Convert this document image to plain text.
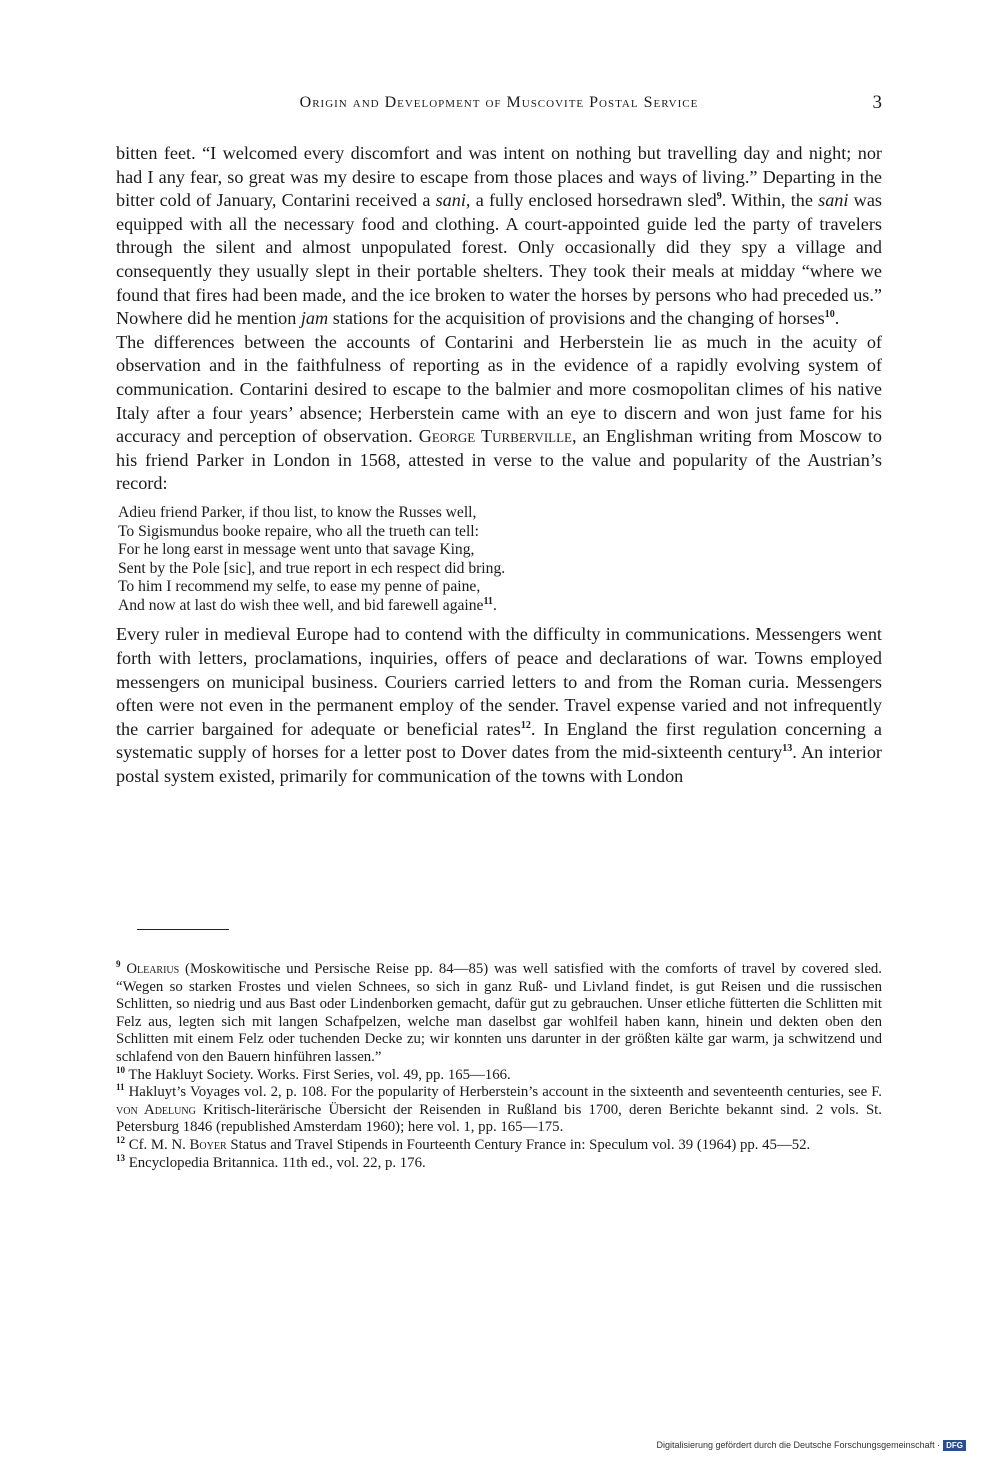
Origin and Development of Muscovite Postal Service	3

bitten feet. “I welcomed every discomfort and was intent on nothing but travelling day and night; nor had I any fear, so great was my desire to escape from those places and ways of living.” Departing in the bitter cold of January, Contarini received a sani, a fully enclosed horsedrawn sled$^9$. Within, the sani was equipped with all the necessary food and clothing. A court-appointed guide led the party of travelers through the silent and almost unpopulated forest. Only occasionally did they spy a village and consequently they usually slept in their portable shelters. They took their meals at midday “where we found that fires had been made, and the ice broken to water the horses by persons who had preceded us.” Nowhere did he mention jam stations for the acquisition of provisions and the changing of horses$^{10}$.

The differences between the accounts of Contarini and Herberstein lie as much in the acuity of observation and in the faithfulness of reporting as in the evidence of a rapidly evolving system of communication. Contarini desired to escape to the balmier and more cosmopolitan climes of his native Italy after a four years’ absence; Herberstein came with an eye to discern and won just fame for his accuracy and perception of observation. George Turberville, an Englishman writing from Moscow to his friend Parker in London in 1568, attested in verse to the value and popularity of the Austrian’s record:

Adieu friend Parker, if thou list, to know the Russes well,
To Sigismundus booke repaire, who all the trueth can tell:
For he long earst in message went unto that savage King,
Sent by the Pole [sic], and true report in ech respect did bring.
To him I recommend my selfe, to ease my penne of paine,
And now at last do wish thee well, and bid farewell againe$^{11}$.

Every ruler in medieval Europe had to contend with the difficulty in communications. Messengers went forth with letters, proclamations, inquiries, offers of peace and declarations of war. Towns employed messengers on municipal business. Couriers carried letters to and from the Roman curia. Messengers often were not even in the permanent employ of the sender. Travel expense varied and not infrequently the carrier bargained for adequate or beneficial rates$^{12}$. In England the first regulation concerning a systematic supply of horses for a letter post to Dover dates from the mid-sixteenth century$^{13}$. An interior postal system existed, primarily for communication of the towns with London

$^9$ Olearius (Moskowitische und Persische Reise pp. 84—85) was well satisfied with the comforts of travel by covered sled. “Wegen so starken Frostes und vielen Schnees, so sich in ganz Ruß- und Livland findet, is gut Reisen und die russischen Schlitten, so niedrig und aus Bast oder Lindenborken gemacht, dafür gut zu gebrauchen. Unser etliche fütterten die Schlitten mit Felz aus, legten sich mit langen Schafpelzen, welche man daselbst gar wohlfeil haben kann, hinein und dekten oben den Schlitten mit einem Felz oder tuchenden Decke zu; wir konnten uns darunter in der größten kälte gar warm, ja schwitzend und schlafend von den Bauern hinführen lassen.”

$^{10}$ The Hakluyt Society. Works. First Series, vol. 49, pp. 165—166.

$^{11}$ Hakluyt’s Voyages vol. 2, p. 108. For the popularity of Herberstein’s account in the sixteenth and seventeenth centuries, see F. von Adelung Kritisch-literärische Übersicht der Reisenden in Rußland bis 1700, deren Berichte bekannt sind. 2 vols. St. Petersburg 1846 (republished Amsterdam 1960); here vol. 1, pp. 165—175.

$^{12}$ Cf. M. N. Boyer Status and Travel Stipends in Fourteenth Century France in: Speculum vol. 39 (1964) pp. 45—52.

$^{13}$ Encyclopedia Britannica. 11th ed., vol. 22, p. 176.

Digitalisierung gefördert durch die Deutsche Forschungsgemeinschaft · DFG
